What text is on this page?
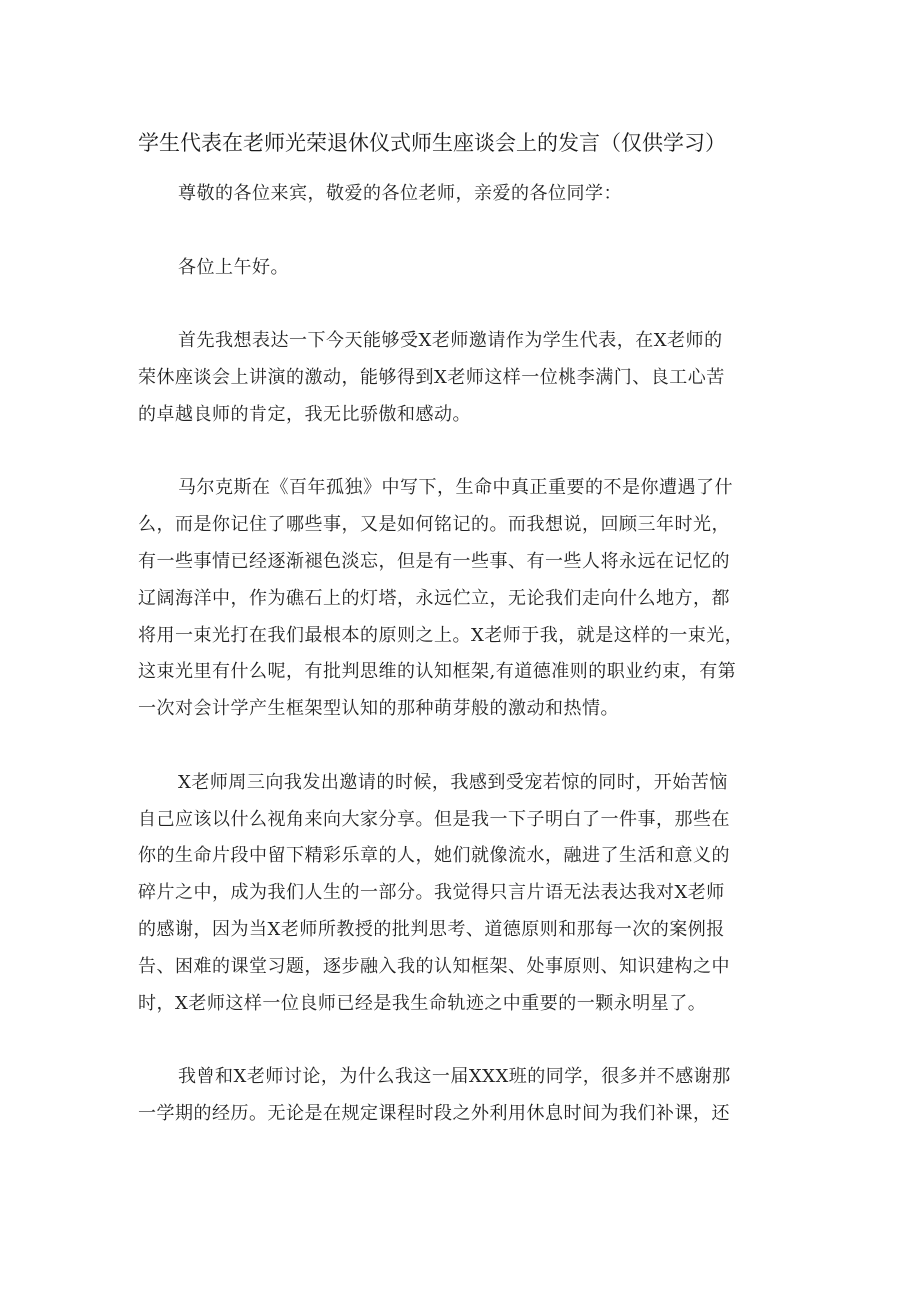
学生代表在老师光荣退休仪式师生座谈会上的发言（仅供学习）
尊敬的各位来宾，敬爱的各位老师，亲爱的各位同学：
各位上午好。
首先我想表达一下今天能够受X老师邀请作为学生代表，在X老师的
荣休座谈会上讲演的激动，能够得到X老师这样一位桃李满门、良工心苦
的卓越良师的肯定，我无比骄傲和感动。
马尔克斯在《百年孤独》中写下，生命中真正重要的不是你遭遇了什
么，而是你记住了哪些事，又是如何铭记的。而我想说，回顾三年时光，
有一些事情已经逐渐褪色淡忘，但是有一些事、有一些人将永远在记忆的
辽阔海洋中，作为礁石上的灯塔，永远伫立，无论我们走向什么地方，都
将用一束光打在我们最根本的原则之上。X老师于我，就是这样的一束光，
这束光里有什么呢，有批判思维的认知框架,有道德准则的职业约束，有第
一次对会计学产生框架型认知的那种萌芽般的激动和热情。
X老师周三向我发出邀请的时候，我感到受宠若惊的同时，开始苦恼
自己应该以什么视角来向大家分享。但是我一下子明白了一件事，那些在
你的生命片段中留下精彩乐章的人，她们就像流水，融进了生活和意义的
碎片之中，成为我们人生的一部分。我觉得只言片语无法表达我对X老师
的感谢，因为当X老师所教授的批判思考、道德原则和那每一次的案例报
告、困难的课堂习题，逐步融入我的认知框架、处事原则、知识建构之中
时，X老师这样一位良师已经是我生命轨迹之中重要的一颗永明星了。
我曾和X老师讨论，为什么我这一届XXX班的同学，很多并不感谢那
一学期的经历。无论是在规定课程时段之外利用休息时间为我们补课，还
